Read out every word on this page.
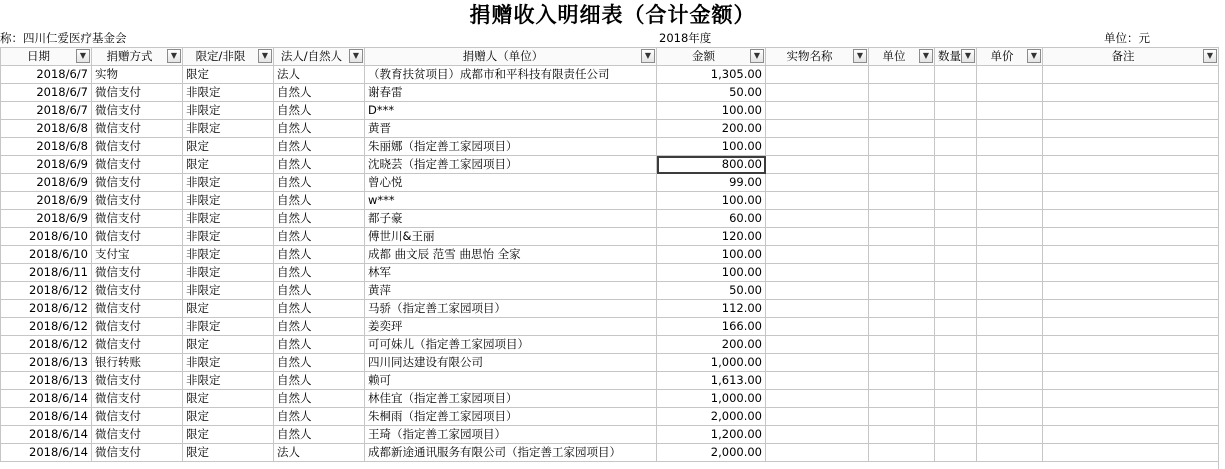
捐赠收入明细表（合计金额）
称：四川仁爱医疗基金会	2018年度	单位：元
日期 ▼	捐赠方式 ▼	限定/非限 ▼	法人/自然人 ▼	捐赠人（单位） ▼	金额 ▼	实物名称 ▼	单位 ▼	数量 ▼	单价 ▼	备注 ▼

2018/6/7	实物	限定	法人	（教育扶贫项目）成都市和平科技有限责任公司	1,305.00					
2018/6/7	微信支付	非限定	自然人	谢春雷	50.00					
2018/6/7	微信支付	非限定	自然人	D***	100.00					
2018/6/8	微信支付	非限定	自然人	黄晋	200.00					
2018/6/8	微信支付	限定	自然人	朱丽娜（指定善工家园项目）	100.00					
2018/6/9	微信支付	限定	自然人	沈晓芸（指定善工家园项目）	800.00					
2018/6/9	微信支付	非限定	自然人	曾心悦	99.00					
2018/6/9	微信支付	非限定	自然人	w***	100.00					
2018/6/9	微信支付	非限定	自然人	都子豪	60.00					
2018/6/10	微信支付	非限定	自然人	傅世川&王丽	120.00					
2018/6/10	支付宝	非限定	自然人	成都 曲文辰 范雪 曲思怡 全家	100.00					
2018/6/11	微信支付	非限定	自然人	林军	100.00					
2018/6/12	微信支付	非限定	自然人	黄萍	50.00					
2018/6/12	微信支付	限定	自然人	马骄（指定善工家园项目）	112.00					
2018/6/12	微信支付	非限定	自然人	姜奕玶	166.00					
2018/6/12	微信支付	限定	自然人	可可妹儿（指定善工家园项目）	200.00					
2018/6/13	银行转账	非限定	自然人	四川同达建设有限公司	1,000.00					
2018/6/13	微信支付	非限定	自然人	赖可	1,613.00					
2018/6/14	微信支付	限定	自然人	林佳宜（指定善工家园项目）	1,000.00					
2018/6/14	微信支付	限定	自然人	朱桐雨（指定善工家园项目）	2,000.00					
2018/6/14	微信支付	限定	自然人	王琦（指定善工家园项目）	1,200.00					
2018/6/14	微信支付	限定	法人	成都新途通讯服务有限公司（指定善工家园项目）	2,000.00					
